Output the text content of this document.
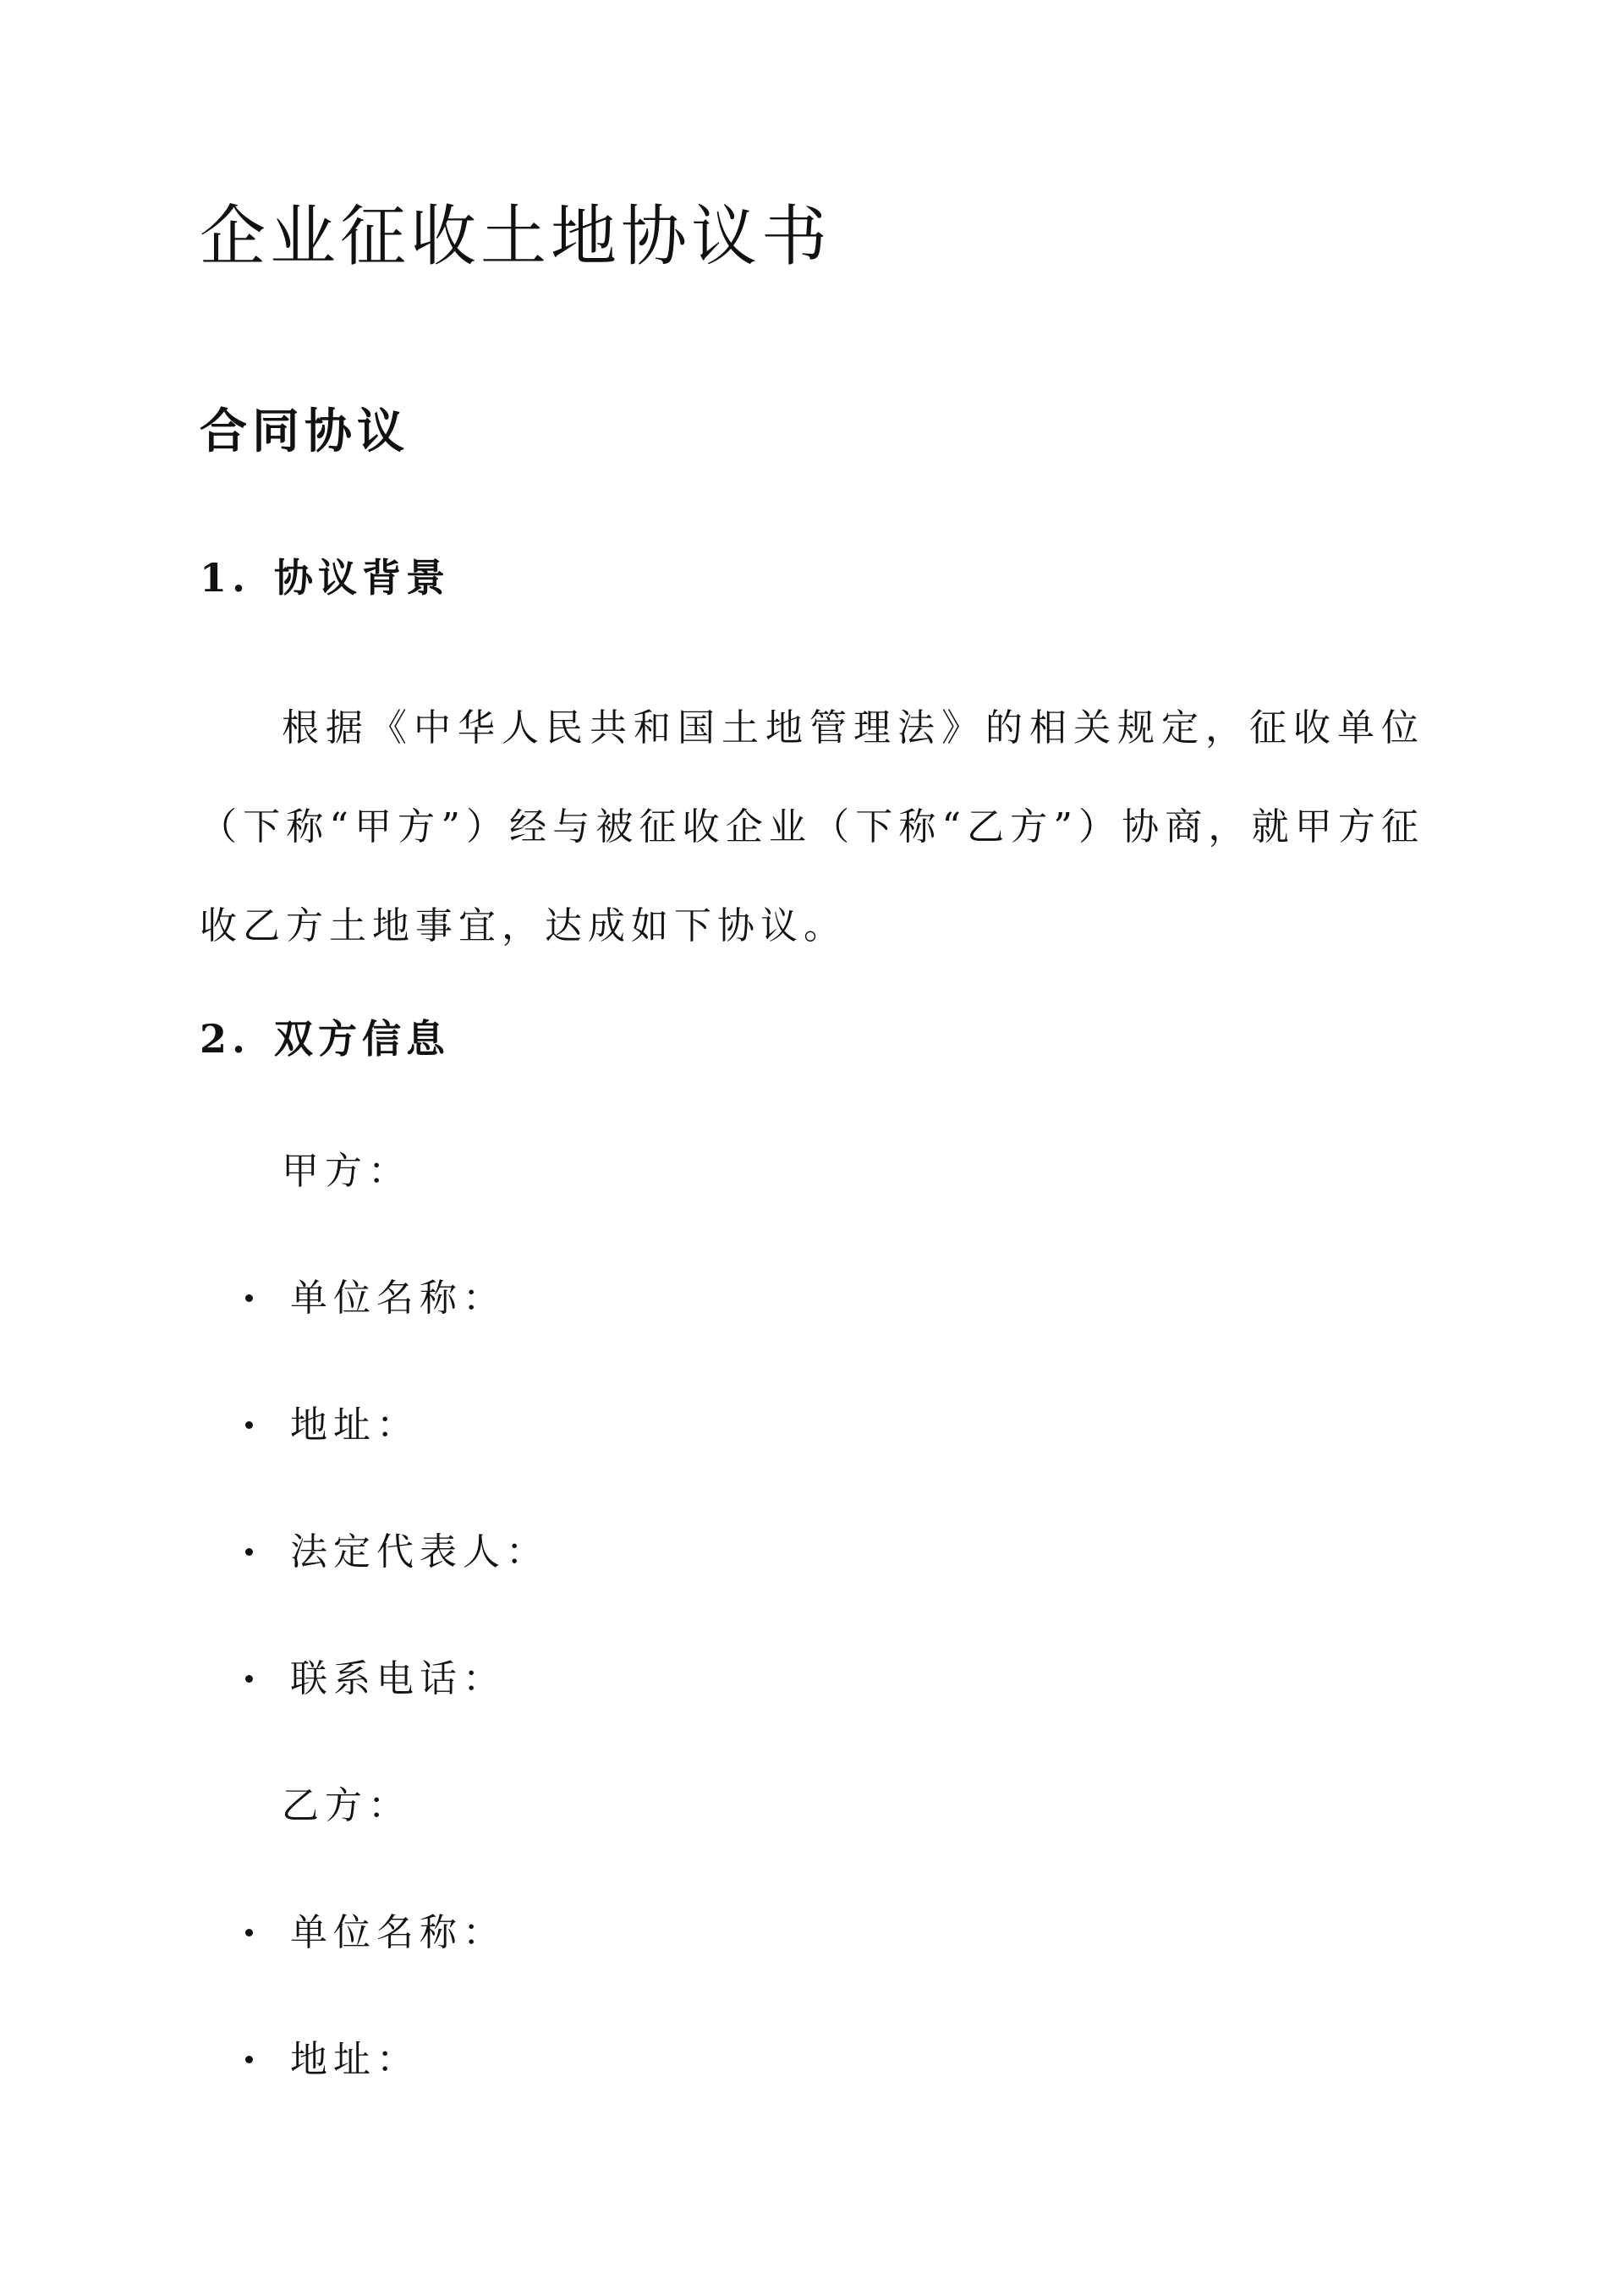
企业征收土地协议书
合同协议
1. 协议背景
根据《中华人民共和国土地管理法》的相关规定，征收单位（下称“甲方”）经与被征收企业（下称“乙方”）协商，就甲方征收乙方土地事宜，达成如下协议。
2. 双方信息
甲方：
单位名称：
地址：
法定代表人：
联系电话：
乙方：
单位名称：
地址：
